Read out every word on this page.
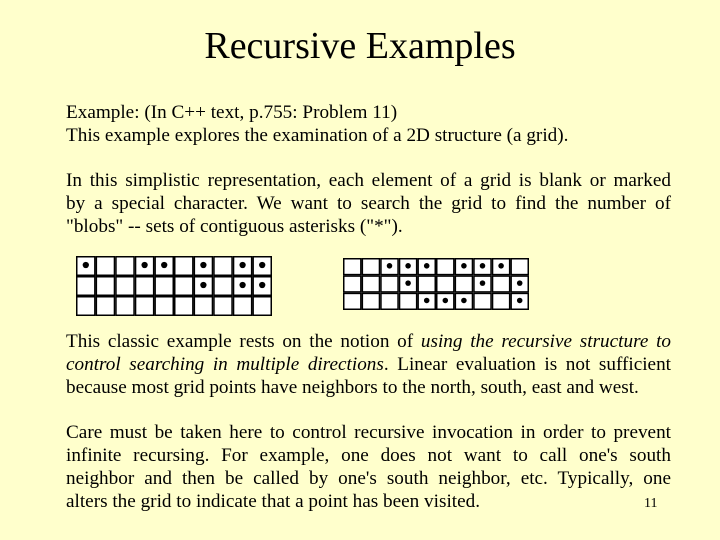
Recursive Examples
Example: (In C++ text, p.755: Problem 11)
This example explores the examination of a 2D structure (a grid).
In this simplistic representation, each element of a grid is blank or marked
by a special character. We want to search the grid to find the number of
"blobs" -- sets of contiguous asterisks ("*").
This classic example rests on the notion of using the recursive structure to
control searching in multiple directions. Linear evaluation is not sufficient
because most grid points have neighbors to the north, south, east and west.
Care must be taken here to control recursive invocation in order to prevent
infinite recursing. For example, one does not want to call one's south
neighbor and then be called by one's south neighbor, etc. Typically, one
alters the grid to indicate that a point has been visited.	11
